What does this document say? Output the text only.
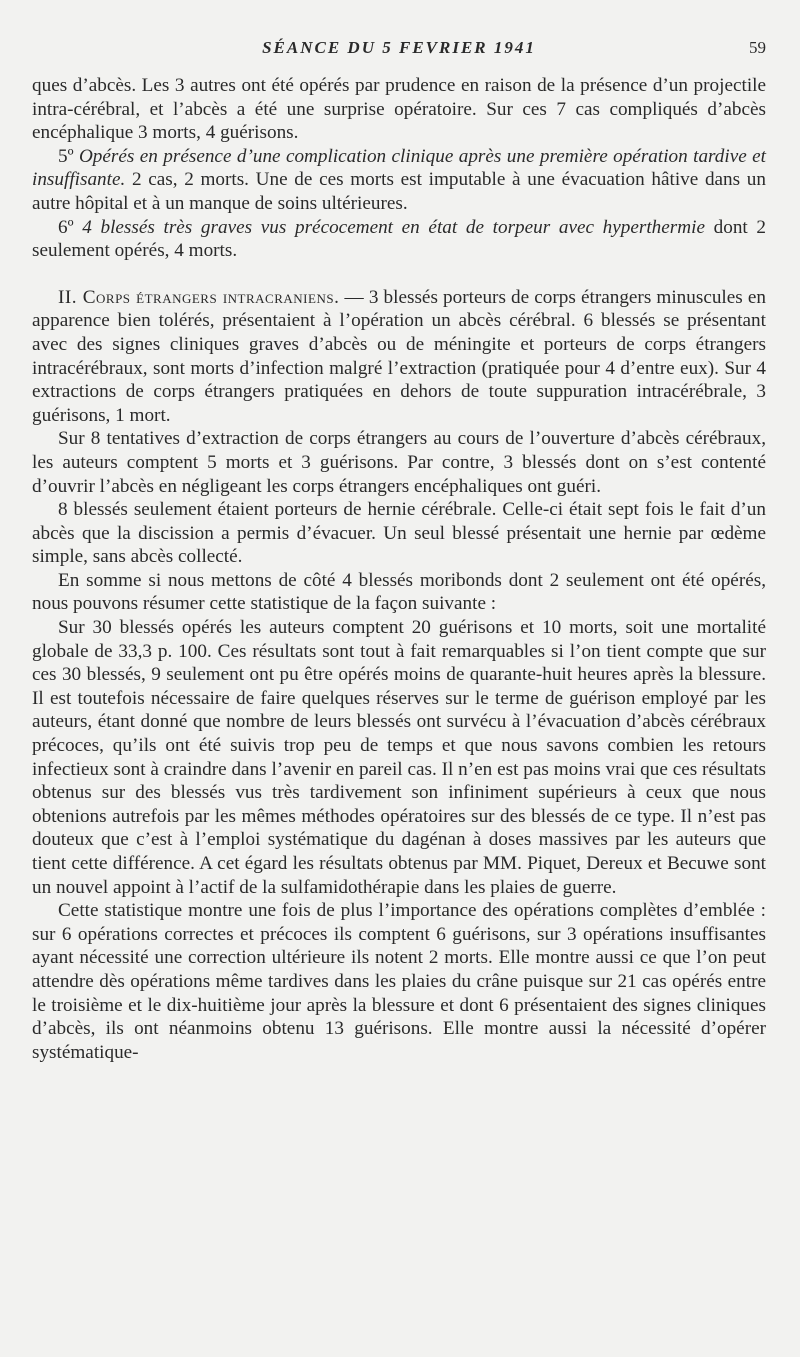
SÉANCE DU 5 FEVRIER 1941	59

ques d’abcès. Les 3 autres ont été opérés par prudence en raison de la présence d’un projectile intra-cérébral, et l’abcès a été une surprise opératoire. Sur ces 7 cas compliqués d’abcès encéphalique 3 morts, 4 guérisons.

5º Opérés en présence d’une complication clinique après une première opération tardive et insuffisante. 2 cas, 2 morts. Une de ces morts est imputable à une évacuation hâtive dans un autre hôpital et à un manque de soins ultérieures.

6º 4 blessés très graves vus précocement en état de torpeur avec hyperthermie dont 2 seulement opérés, 4 morts.

II. Corps étrangers intracraniens. — 3 blessés porteurs de corps étrangers minuscules en apparence bien tolérés, présentaient à l’opération un abcès cérébral. 6 blessés se présentant avec des signes cliniques graves d’abcès ou de méningite et porteurs de corps étrangers intracérébraux, sont morts d’infection malgré l’extraction (pratiquée pour 4 d’entre eux). Sur 4 extractions de corps étrangers pratiquées en dehors de toute suppuration intracérébrale, 3 guérisons, 1 mort.

Sur 8 tentatives d’extraction de corps étrangers au cours de l’ouverture d’abcès cérébraux, les auteurs comptent 5 morts et 3 guérisons. Par contre, 3 blessés dont on s’est contenté d’ouvrir l’abcès en négligeant les corps étrangers encéphaliques ont guéri.

8 blessés seulement étaient porteurs de hernie cérébrale. Celle-ci était sept fois le fait d’un abcès que la discission a permis d’évacuer. Un seul blessé présentait une hernie par œdème simple, sans abcès collecté.

En somme si nous mettons de côté 4 blessés moribonds dont 2 seulement ont été opérés, nous pouvons résumer cette statistique de la façon suivante :

Sur 30 blessés opérés les auteurs comptent 20 guérisons et 10 morts, soit une mortalité globale de 33,3 p. 100. Ces résultats sont tout à fait remarquables si l’on tient compte que sur ces 30 blessés, 9 seulement ont pu être opérés moins de quarante-huit heures après la blessure. Il est toutefois nécessaire de faire quelques réserves sur le terme de guérison employé par les auteurs, étant donné que nombre de leurs blessés ont survécu à l’évacuation d’abcès cérébraux précoces, qu’ils ont été suivis trop peu de temps et que nous savons combien les retours infectieux sont à craindre dans l’avenir en pareil cas. Il n’en est pas moins vrai que ces résultats obtenus sur des blessés vus très tardivement son infiniment supérieurs à ceux que nous obtenions autrefois par les mêmes méthodes opératoires sur des blessés de ce type. Il n’est pas douteux que c’est à l’emploi systématique du dagénan à doses massives par les auteurs que tient cette différence. A cet égard les résultats obtenus par MM. Piquet, Dereux et Becuwe sont un nouvel appoint à l’actif de la sulfamidothérapie dans les plaies de guerre.

Cette statistique montre une fois de plus l’importance des opérations complètes d’emblée : sur 6 opérations correctes et précoces ils comptent 6 guérisons, sur 3 opérations insuffisantes ayant nécessité une correction ultérieure ils notent 2 morts. Elle montre aussi ce que l’on peut attendre dès opérations même tardives dans les plaies du crâne puisque sur 21 cas opérés entre le troisième et le dix-huitième jour après la blessure et dont 6 présentaient des signes cliniques d’abcès, ils ont néanmoins obtenu 13 guérisons. Elle montre aussi la nécessité d’opérer systématique-
